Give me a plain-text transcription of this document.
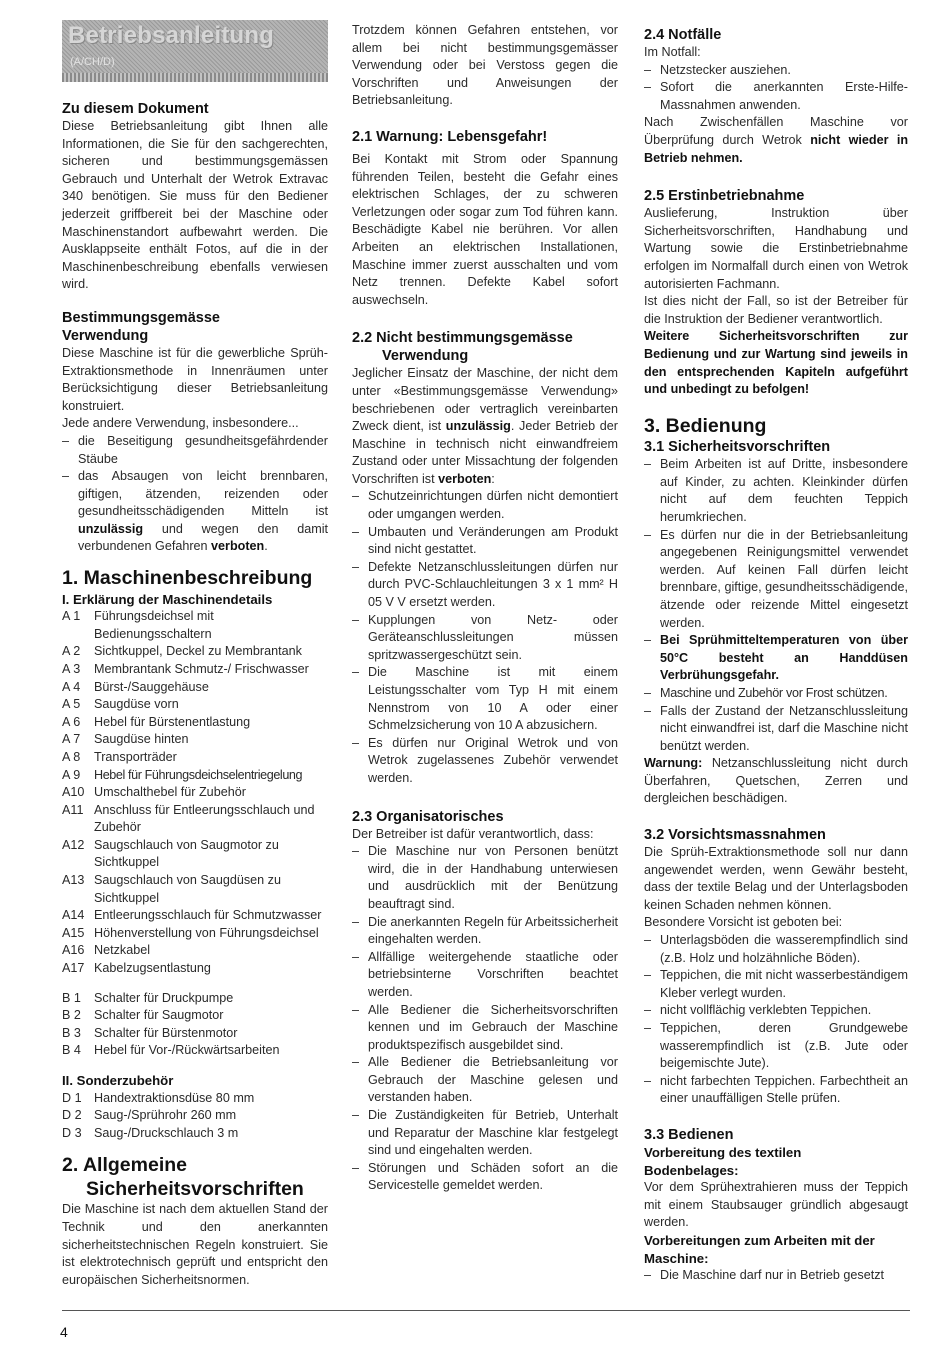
Betriebsanleitung
(A/CH/D)
Zu diesem Dokument

Diese Betriebsanleitung gibt Ihnen alle Informationen, die Sie für den sachgerechten, sicheren und bestimmungsgemässen Gebrauch und Unterhalt der Wetrok Extravac 340 benötigen. Sie muss für den Bediener jederzeit griffbereit bei der Maschine oder Maschinenstandort aufbewahrt werden. Die Ausklappseite enthält Fotos, auf die in der Maschinenbeschreibung ebenfalls verwiesen wird.

Bestimmungsgemässe
Verwendung

Diese Maschine ist für die gewerbliche Sprüh-Extraktionsmethode in Innenräumen unter Berücksichtigung dieser Betriebsanleitung konstruiert.

Jede andere Verwendung, insbesondere...

– die Beseitigung gesundheitsgefährdender Stäube
– das Absaugen von leicht brennbaren, giftigen, ätzenden, reizenden oder gesundheitsschädigenden Mitteln ist unzulässig und wegen den damit verbundenen Gefahren verboten.
1. Maschinenbeschreibung
I. Erklärung der Maschinendetails
A 1	Führungsdeichsel mit Bedienungsschaltern
A 2	Sichtkuppel, Deckel zu Membrantank
A 3	Membrantank Schmutz-/ Frischwasser
A 4	Bürst-/Sauggehäuse
A 5	Saugdüse vorn
A 6	Hebel für Bürstenentlastung
A 7	Saugdüse hinten
A 8	Transporträder
A 9	Hebel für Führungsdeichselentriegelung
A10 Umschalthebel für Zubehör
A11 Anschluss für Entleerungsschlauch und Zubehör
A12 Saugschlauch von Saugmotor zu Sichtkuppel
A13 Saugschlauch von Saugdüsen zu Sichtkuppel
A14 Entleerungsschlauch für Schmutzwasser
A15 Höhenverstellung von Führungsdeichsel
A16 Netzkabel
A17 Kabelzugsentlastung
B 1	Schalter für Druckpumpe
B 2	Schalter für Saugmotor
B 3	Schalter für Bürstenmotor
B 4	Hebel für Vor-/Rückwärtsarbeiten
II. Sonderzubehör
D 1 Handextraktionsdüse 80 mm
D 2 Saug-/Sprührohr 260 mm
D 3 Saug-/Druckschlauch 3 m
2. Allgemeine
Sicherheitsvorschriften

Die Maschine ist nach dem aktuellen Stand der Technik und den anerkannten sicherheitstechnischen Regeln konstruiert. Sie ist elektrotechnisch geprüft und entspricht den europäischen Sicherheitsnormen.

Trotzdem können Gefahren entstehen, vor allem bei nicht bestimmungsgemässer Verwendung oder bei Verstoss gegen die Vorschriften und Anweisungen der Betriebsanleitung.

2.1 Warnung: Lebensgefahr!

Bei Kontakt mit Strom oder Spannung führenden Teilen, besteht die Gefahr eines elektrischen Schlages, der zu schweren Verletzungen oder sogar zum Tod führen kann. Beschädigte Kabel nie berühren. Vor allen Arbeiten an elektrischen Installationen, Maschine immer zuerst ausschalten und vom Netz trennen. Defekte Kabel sofort auswechseln.

2.2 Nicht bestimmungsgemässe
Verwendung

Jeglicher Einsatz der Maschine, der nicht dem unter «Bestimmungsgemässe Verwendung» beschriebenen oder vertraglich vereinbarten Zweck dient, ist unzulässig. Jeder Betrieb der Maschine in technisch nicht einwandfreiem Zustand oder unter Missachtung der folgenden Vorschriften ist verboten:

– Schutzeinrichtungen dürfen nicht demontiert oder umgangen werden.
– Umbauten und Veränderungen am Produkt sind nicht gestattet.
– Defekte Netzanschlussleitungen dürfen nur durch PVC-Schlauchleitungen 3 x 1 mm² H 05 V V ersetzt werden.
– Kupplungen von Netz- oder Geräteanschlussleitungen müssen spritzwassergeschützt sein.
– Die Maschine ist mit einem Leistungsschalter vom Typ H mit einem Nennstrom von 10 A oder einer Schmelzsicherung von 10 A abzusichern.
– Es dürfen nur Original Wetrok und von Wetrok zugelassenes Zubehör verwendet werden.
2.3 Organisatorisches

Der Betreiber ist dafür verantwortlich, dass:

– Die Maschine nur von Personen benützt wird, die in der Handhabung unterwiesen und ausdrücklich mit der Benützung beauftragt sind.
– Die anerkannten Regeln für Arbeitssicherheit eingehalten werden.
– Allfällige weitergehende staatliche oder betriebsinterne Vorschriften beachtet werden.
– Alle Bediener die Sicherheitsvorschriften kennen und im Gebrauch der Maschine produktspezifisch ausgebildet sind.
– Alle Bediener die Betriebsanleitung vor Gebrauch der Maschine gelesen und verstanden haben.
– Die Zuständigkeiten für Betrieb, Unterhalt und Reparatur der Maschine klar festgelegt sind und eingehalten werden.
– Störungen und Schäden sofort an die Servicestelle gemeldet werden.
2.4 Notfälle

Im Notfall:

– Netzstecker ausziehen.
– Sofort die anerkannten Erste-Hilfe-Massnahmen anwenden.

Nach Zwischenfällen Maschine vor Überprüfung durch Wetrok nicht wieder in Betrieb nehmen.

2.5 Erstinbetriebnahme

Auslieferung, Instruktion über Sicherheitsvorschriften, Handhabung und Wartung sowie die Erstinbetriebnahme erfolgen im Normalfall durch einen von Wetrok autorisierten Fachmann.

Ist dies nicht der Fall, so ist der Betreiber für die Instruktion der Bediener verantwortlich.

Weitere Sicherheitsvorschriften zur Bedienung und zur Wartung sind jeweils in den entsprechenden Kapiteln aufgeführt und unbedingt zu befolgen!

3. Bedienung
3.1 Sicherheitsvorschriften
– Beim Arbeiten ist auf Dritte, insbesondere auf Kinder, zu achten. Kleinkinder dürfen nicht auf dem feuchten Teppich herumkriechen.
– Es dürfen nur die in der Betriebsanleitung angegebenen Reinigungsmittel verwendet werden. Auf keinen Fall dürfen leicht brennbare, giftige, gesundheitsschädigende, ätzende oder reizende Mittel eingesetzt werden.
– Bei Sprühmitteltemperaturen von über 50°C besteht an Handdüsen Verbrühungsgefahr.
– Maschine und Zubehör vor Frost schützen.
– Falls der Zustand der Netzanschlussleitung nicht einwandfrei ist, darf die Maschine nicht benützt werden.

Warnung: Netzanschlussleitung nicht durch Überfahren, Quetschen, Zerren und dergleichen beschädigen.

3.2 Vorsichtsmassnahmen

Die Sprüh-Extraktionsmethode soll nur dann angewendet werden, wenn Gewähr besteht, dass der textile Belag und der Unterlagsboden keinen Schaden nehmen können.

Besondere Vorsicht ist geboten bei:

– Unterlagsböden die wasserempfindlich sind (z.B. Holz und holzähnliche Böden).
– Teppichen, die mit nicht wasserbeständigem Kleber verlegt wurden.
– nicht vollflächig verklebten Teppichen.
– Teppichen, deren Grundgewebe wasserempfindlich ist (z.B. Jute oder beigemischte Jute).
– nicht farbechten Teppichen. Farbechtheit an einer unauffälligen Stelle prüfen.
3.3 Bedienen
Vorbereitung des textilen
Bodenbelages:

Vor dem Sprühextrahieren muss der Teppich mit einem Staubsauger gründlich abgesaugt werden.

Vorbereitungen zum Arbeiten mit der
Maschine:
– Die Maschine darf nur in Betrieb gesetzt
4
